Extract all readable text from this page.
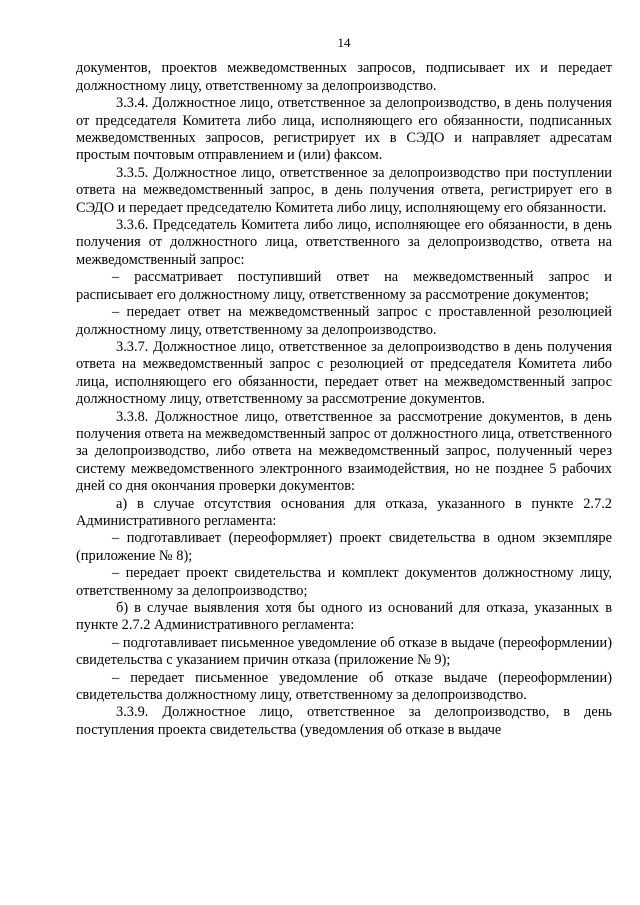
14

документов, проектов межведомственных запросов, подписывает их и передает должностному лицу, ответственному за делопроизводство.

3.3.4. Должностное лицо, ответственное за делопроизводство, в день получения от председателя Комитета либо лица, исполняющего его обязанности, подписанных межведомственных запросов, регистрирует их в СЭДО и направляет адресатам простым почтовым отправлением и (или) факсом.

3.3.5. Должностное лицо, ответственное за делопроизводство при поступлении ответа на межведомственный запрос, в день получения ответа, регистрирует его в СЭДО и передает председателю Комитета либо лицу, исполняющему его обязанности.

3.3.6. Председатель Комитета либо лицо, исполняющее его обязанности, в день получения от должностного лица, ответственного за делопроизводство, ответа на межведомственный запрос:

– рассматривает поступивший ответ на межведомственный запрос и расписывает его должностному лицу, ответственному за рассмотрение документов;

– передает ответ на межведомственный запрос с проставленной резолюцией должностному лицу, ответственному за делопроизводство.

3.3.7. Должностное лицо, ответственное за делопроизводство в день получения ответа на межведомственный запрос с резолюцией от председателя Комитета либо лица, исполняющего его обязанности, передает ответ на межведомственный запрос должностному лицу, ответственному за рассмотрение документов.

3.3.8. Должностное лицо, ответственное за рассмотрение документов, в день получения ответа на межведомственный запрос от должностного лица, ответственного за делопроизводство, либо ответа на межведомственный запрос, полученный через систему межведомственного электронного взаимодействия, но не позднее 5 рабочих дней со дня окончания проверки документов:

а) в случае отсутствия основания для отказа, указанного в пункте 2.7.2 Административного регламента:

– подготавливает (переоформляет) проект свидетельства в одном экземпляре (приложение № 8);

– передает проект свидетельства и комплект документов должностному лицу, ответственному за делопроизводство;

б) в случае выявления хотя бы одного из оснований для отказа, указанных в пункте 2.7.2 Административного регламента:

– подготавливает письменное уведомление об отказе в выдаче (переоформлении) свидетельства с указанием причин отказа (приложение № 9);

– передает письменное уведомление об отказе выдаче (переоформлении) свидетельства должностному лицу, ответственному за делопроизводство.

3.3.9. Должностное лицо, ответственное за делопроизводство, в день поступления проекта свидетельства (уведомления об отказе в выдаче
